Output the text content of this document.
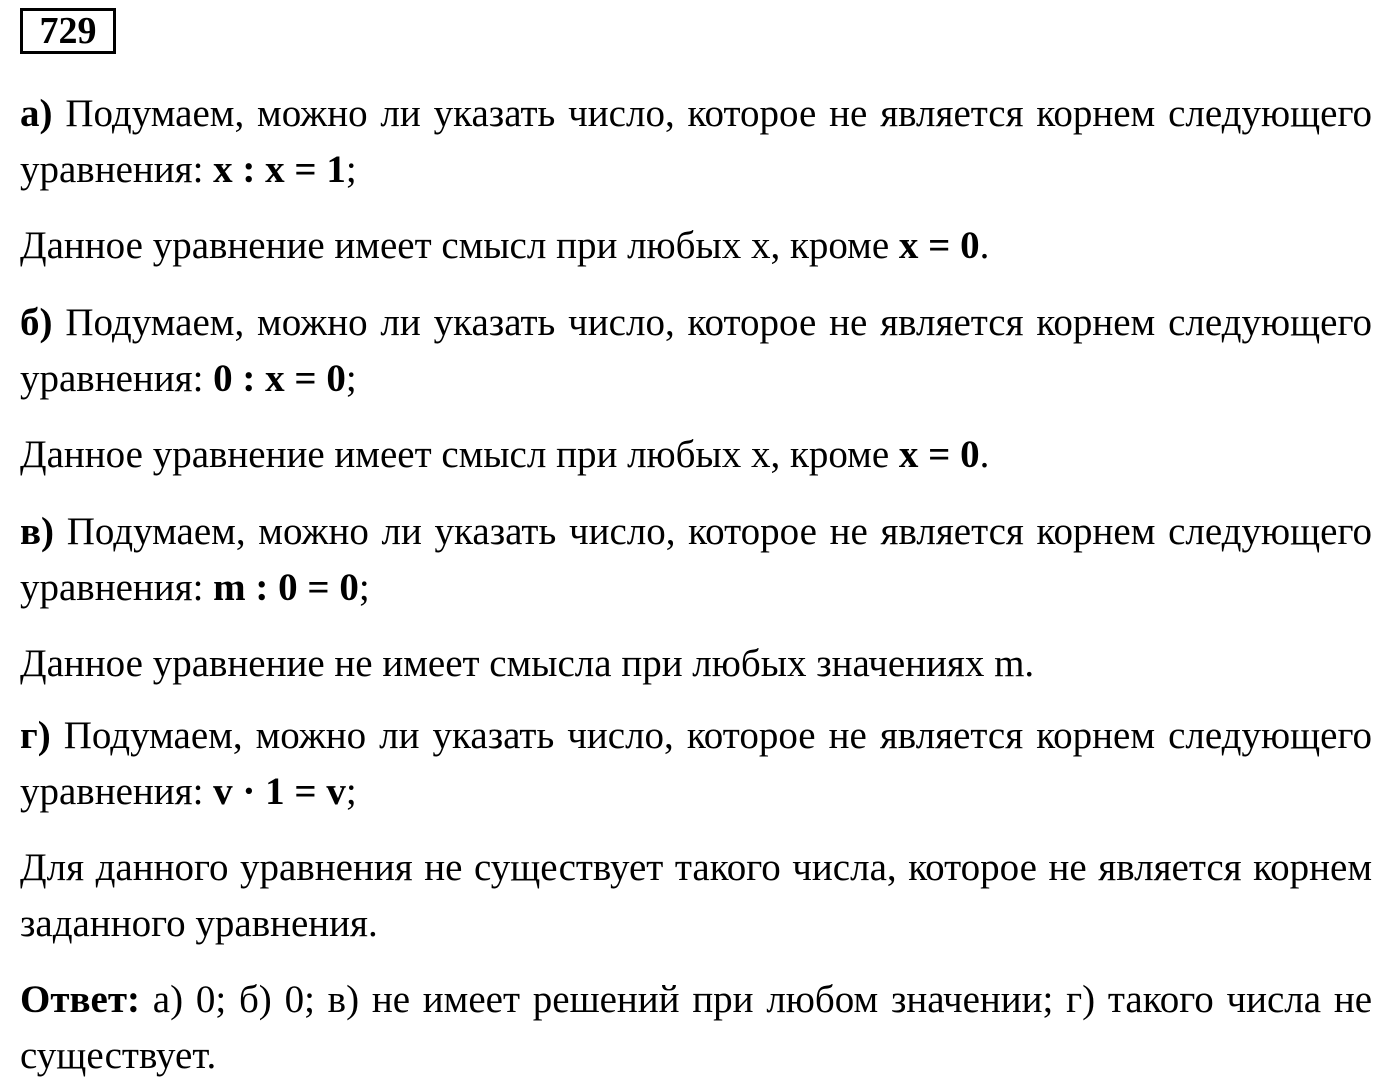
729

а) Подумаем, можно ли указать число, которое не является корнем следующего уравнения: x : x = 1;

Данное уравнение имеет смысл при любых х, кроме x = 0.

б) Подумаем, можно ли указать число, которое не является корнем следующего уравнения: 0 : x = 0;

Данное уравнение имеет смысл при любых х, кроме x = 0.

в) Подумаем, можно ли указать число, которое не является корнем следующего уравнения: m : 0 = 0;

Данное уравнение не имеет смысла при любых значениях m.

г) Подумаем, можно ли указать число, которое не является корнем следующего уравнения: v · 1 = v;

Для данного уравнения не существует такого числа, которое не является корнем заданного уравнения.

Ответ: а) 0; б) 0; в) не имеет решений при любом значении; г) такого числа не существует.
